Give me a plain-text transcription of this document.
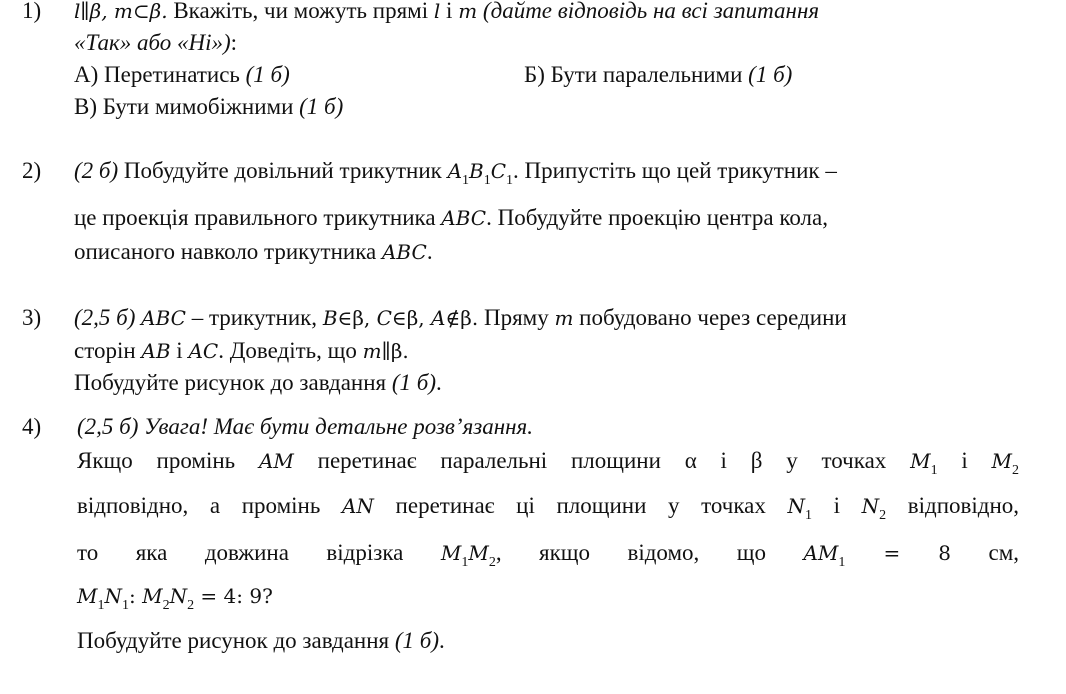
1) l∥β, m⊂β. Вкажіть, чи можуть прямі l і m (дайте відповідь на всі запитання
«Так» або «Ні»):
А) Перетинатись (1 б)	Б) Бути паралельними (1 б)
В) Бути мимобіжними (1 б)
2) (2 б) Побудуйте довільний трикутник $A_1B_1C_1$. Припустіть що цей трикутник –
це проекція правильного трикутника ABC. Побудуйте проекцію центра кола,
описаного навколо трикутника ABC.
3) (2,5 б) ABC – трикутник, B∈β, C∈β, A∉β. Пряму m побудовано через середини
сторін AB і AC. Доведіть, що m∥β.
Побудуйте рисунок до завдання (1 б).
4) (2,5 б) Увага! Має бути детальне розв’язання.
Якщо промінь AM перетинає паралельні площини α і β у точках $M_1$ і $M_2$
відповідно, а промінь AN перетинає ці площини у точках $N_1$ і $N_2$ відповідно,
то яка довжина відрізка $M_1M_2$, якщо відомо, що $AM_1 = 8$ см,
$M_1N_1$: $M_2N_2 = 4$: 9?
Побудуйте рисунок до завдання (1 б).
